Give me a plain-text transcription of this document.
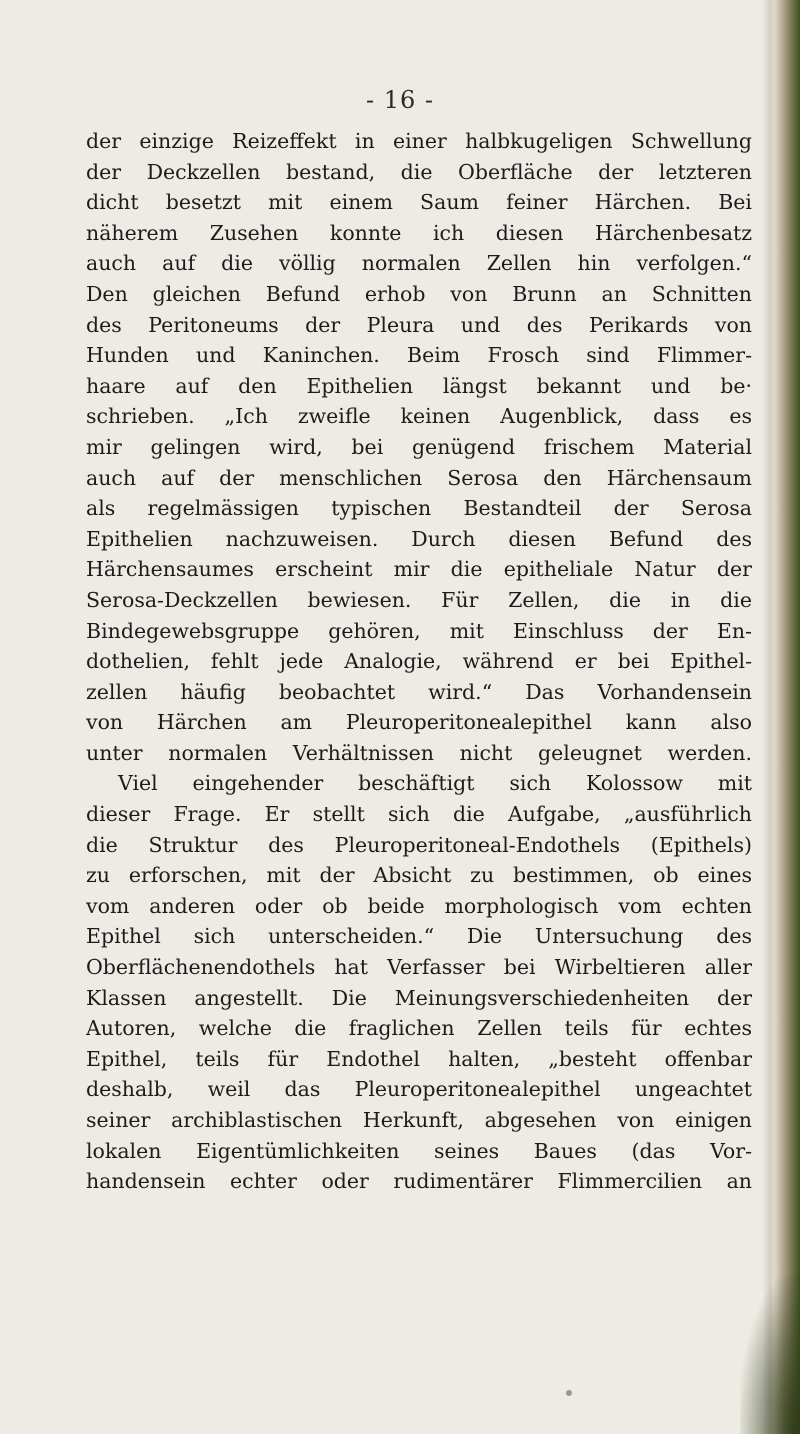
- 16 -
der einzige Reizeffekt in einer halbkugeligen Schwellung
der Deckzellen bestand, die Oberfläche der letzteren
dicht besetzt mit einem Saum feiner Härchen. Bei
näherem Zusehen konnte ich diesen Härchenbesatz
auch auf die völlig normalen Zellen hin verfolgen.“
Den gleichen Befund erhob von Brunn an Schnitten
des Peritoneums der Pleura und des Perikards von
Hunden und Kaninchen. Beim Frosch sind Flimmer-
haare auf den Epithelien längst bekannt und be·
schrieben. „Ich zweifle keinen Augenblick, dass es
mir gelingen wird, bei genügend frischem Material
auch auf der menschlichen Serosa den Härchensaum
als regelmässigen typischen Bestandteil der Serosa
Epithelien nachzuweisen. Durch diesen Befund des
Härchensaumes erscheint mir die epitheliale Natur der
Serosa-Deckzellen bewiesen. Für Zellen, die in die
Bindegewebsgruppe gehören, mit Einschluss der En-
dothelien, fehlt jede Analogie, während er bei Epithel-
zellen häufig beobachtet wird.“ Das Vorhandensein
von Härchen am Pleuroperitonealepithel kann also
unter normalen Verhältnissen nicht geleugnet werden.
Viel eingehender beschäftigt sich Kolossow mit
dieser Frage. Er stellt sich die Aufgabe, „ausführlich
die Struktur des Pleuroperitoneal-Endothels (Epithels)
zu erforschen, mit der Absicht zu bestimmen, ob eines
vom anderen oder ob beide morphologisch vom echten
Epithel sich unterscheiden.“ Die Untersuchung des
Oberflächenendothels hat Verfasser bei Wirbeltieren aller
Klassen angestellt. Die Meinungsverschiedenheiten der
Autoren, welche die fraglichen Zellen teils für echtes
Epithel, teils für Endothel halten, „besteht offenbar
deshalb, weil das Pleuroperitonealepithel ungeachtet
seiner archiblastischen Herkunft, abgesehen von einigen
lokalen Eigentümlichkeiten seines Baues (das Vor-
handensein echter oder rudimentärer Flimmercilien an
